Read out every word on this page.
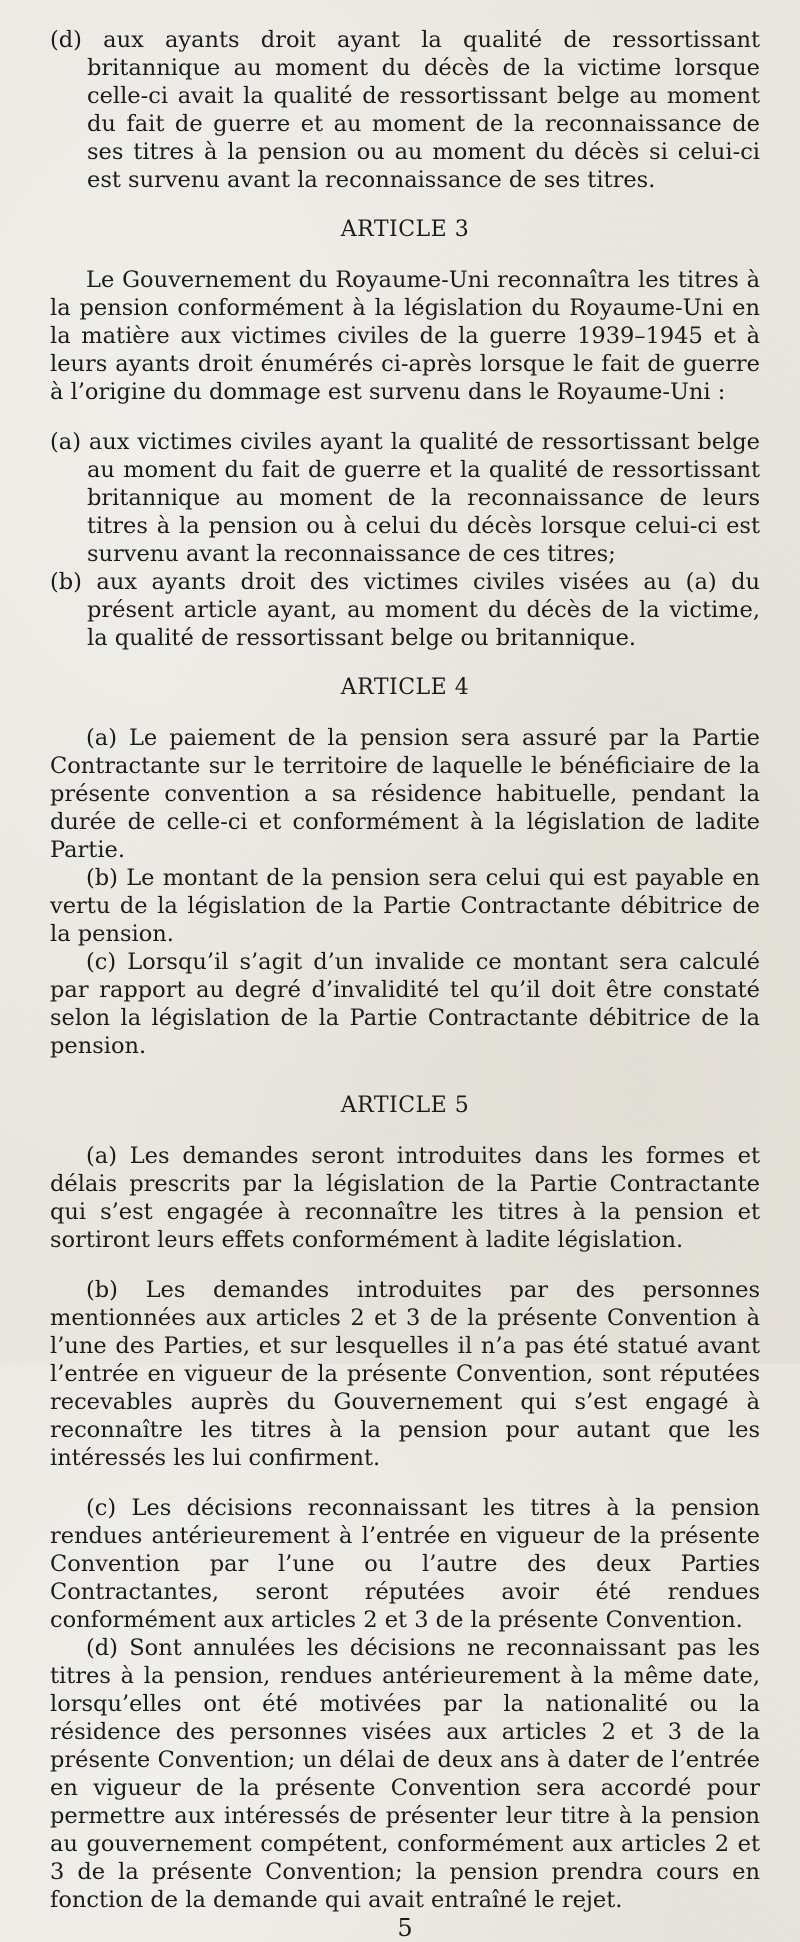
(d) aux ayants droit ayant la qualité de ressortissant britannique au moment du décès de la victime lorsque celle-ci avait la qualité de ressortissant belge au moment du fait de guerre et au moment de la reconnaissance de ses titres à la pension ou au moment du décès si celui-ci est survenu avant la reconnaissance de ses titres.

ARTICLE 3

Le Gouvernement du Royaume-Uni reconnaîtra les titres à la pension conformément à la législation du Royaume-Uni en la matière aux victimes civiles de la guerre 1939–1945 et à leurs ayants droit énumérés ci-après lorsque le fait de guerre à l’origine du dommage est survenu dans le Royaume-Uni :

(a) aux victimes civiles ayant la qualité de ressortissant belge au moment du fait de guerre et la qualité de ressortissant britannique au moment de la reconnaissance de leurs titres à la pension ou à celui du décès lorsque celui-ci est survenu avant la reconnaissance de ces titres;

(b) aux ayants droit des victimes civiles visées au (a) du présent article ayant, au moment du décès de la victime, la qualité de ressortissant belge ou britannique.

ARTICLE 4

(a) Le paiement de la pension sera assuré par la Partie Contractante sur le territoire de laquelle le bénéficiaire de la présente convention a sa résidence habituelle, pendant la durée de celle-ci et conformément à la législation de ladite Partie.

(b) Le montant de la pension sera celui qui est payable en vertu de la législation de la Partie Contractante débitrice de la pension.

(c) Lorsqu’il s’agit d’un invalide ce montant sera calculé par rapport au degré d’invalidité tel qu’il doit être constaté selon la législation de la Partie Contractante débitrice de la pension.

ARTICLE 5

(a) Les demandes seront introduites dans les formes et délais prescrits par la législation de la Partie Contractante qui s’est engagée à reconnaître les titres à la pension et sortiront leurs effets conformément à ladite législation.

(b) Les demandes introduites par des personnes mentionnées aux articles 2 et 3 de la présente Convention à l’une des Parties, et sur lesquelles il n’a pas été statué avant l’entrée en vigueur de la présente Convention, sont réputées recevables auprès du Gouvernement qui s’est engagé à reconnaître les titres à la pension pour autant que les intéressés les lui confirment.

(c) Les décisions reconnaissant les titres à la pension rendues antérieurement à l’entrée en vigueur de la présente Convention par l’une ou l’autre des deux Parties Contractantes, seront réputées avoir été rendues conformément aux articles 2 et 3 de la présente Convention.

(d) Sont annulées les décisions ne reconnaissant pas les titres à la pension, rendues antérieurement à la même date, lorsqu’elles ont été motivées par la nationalité ou la résidence des personnes visées aux articles 2 et 3 de la présente Convention; un délai de deux ans à dater de l’entrée en vigueur de la présente Convention sera accordé pour permettre aux intéressés de présenter leur titre à la pension au gouvernement compétent, conformément aux articles 2 et 3 de la présente Convention; la pension prendra cours en fonction de la demande qui avait entraîné le rejet.

5
